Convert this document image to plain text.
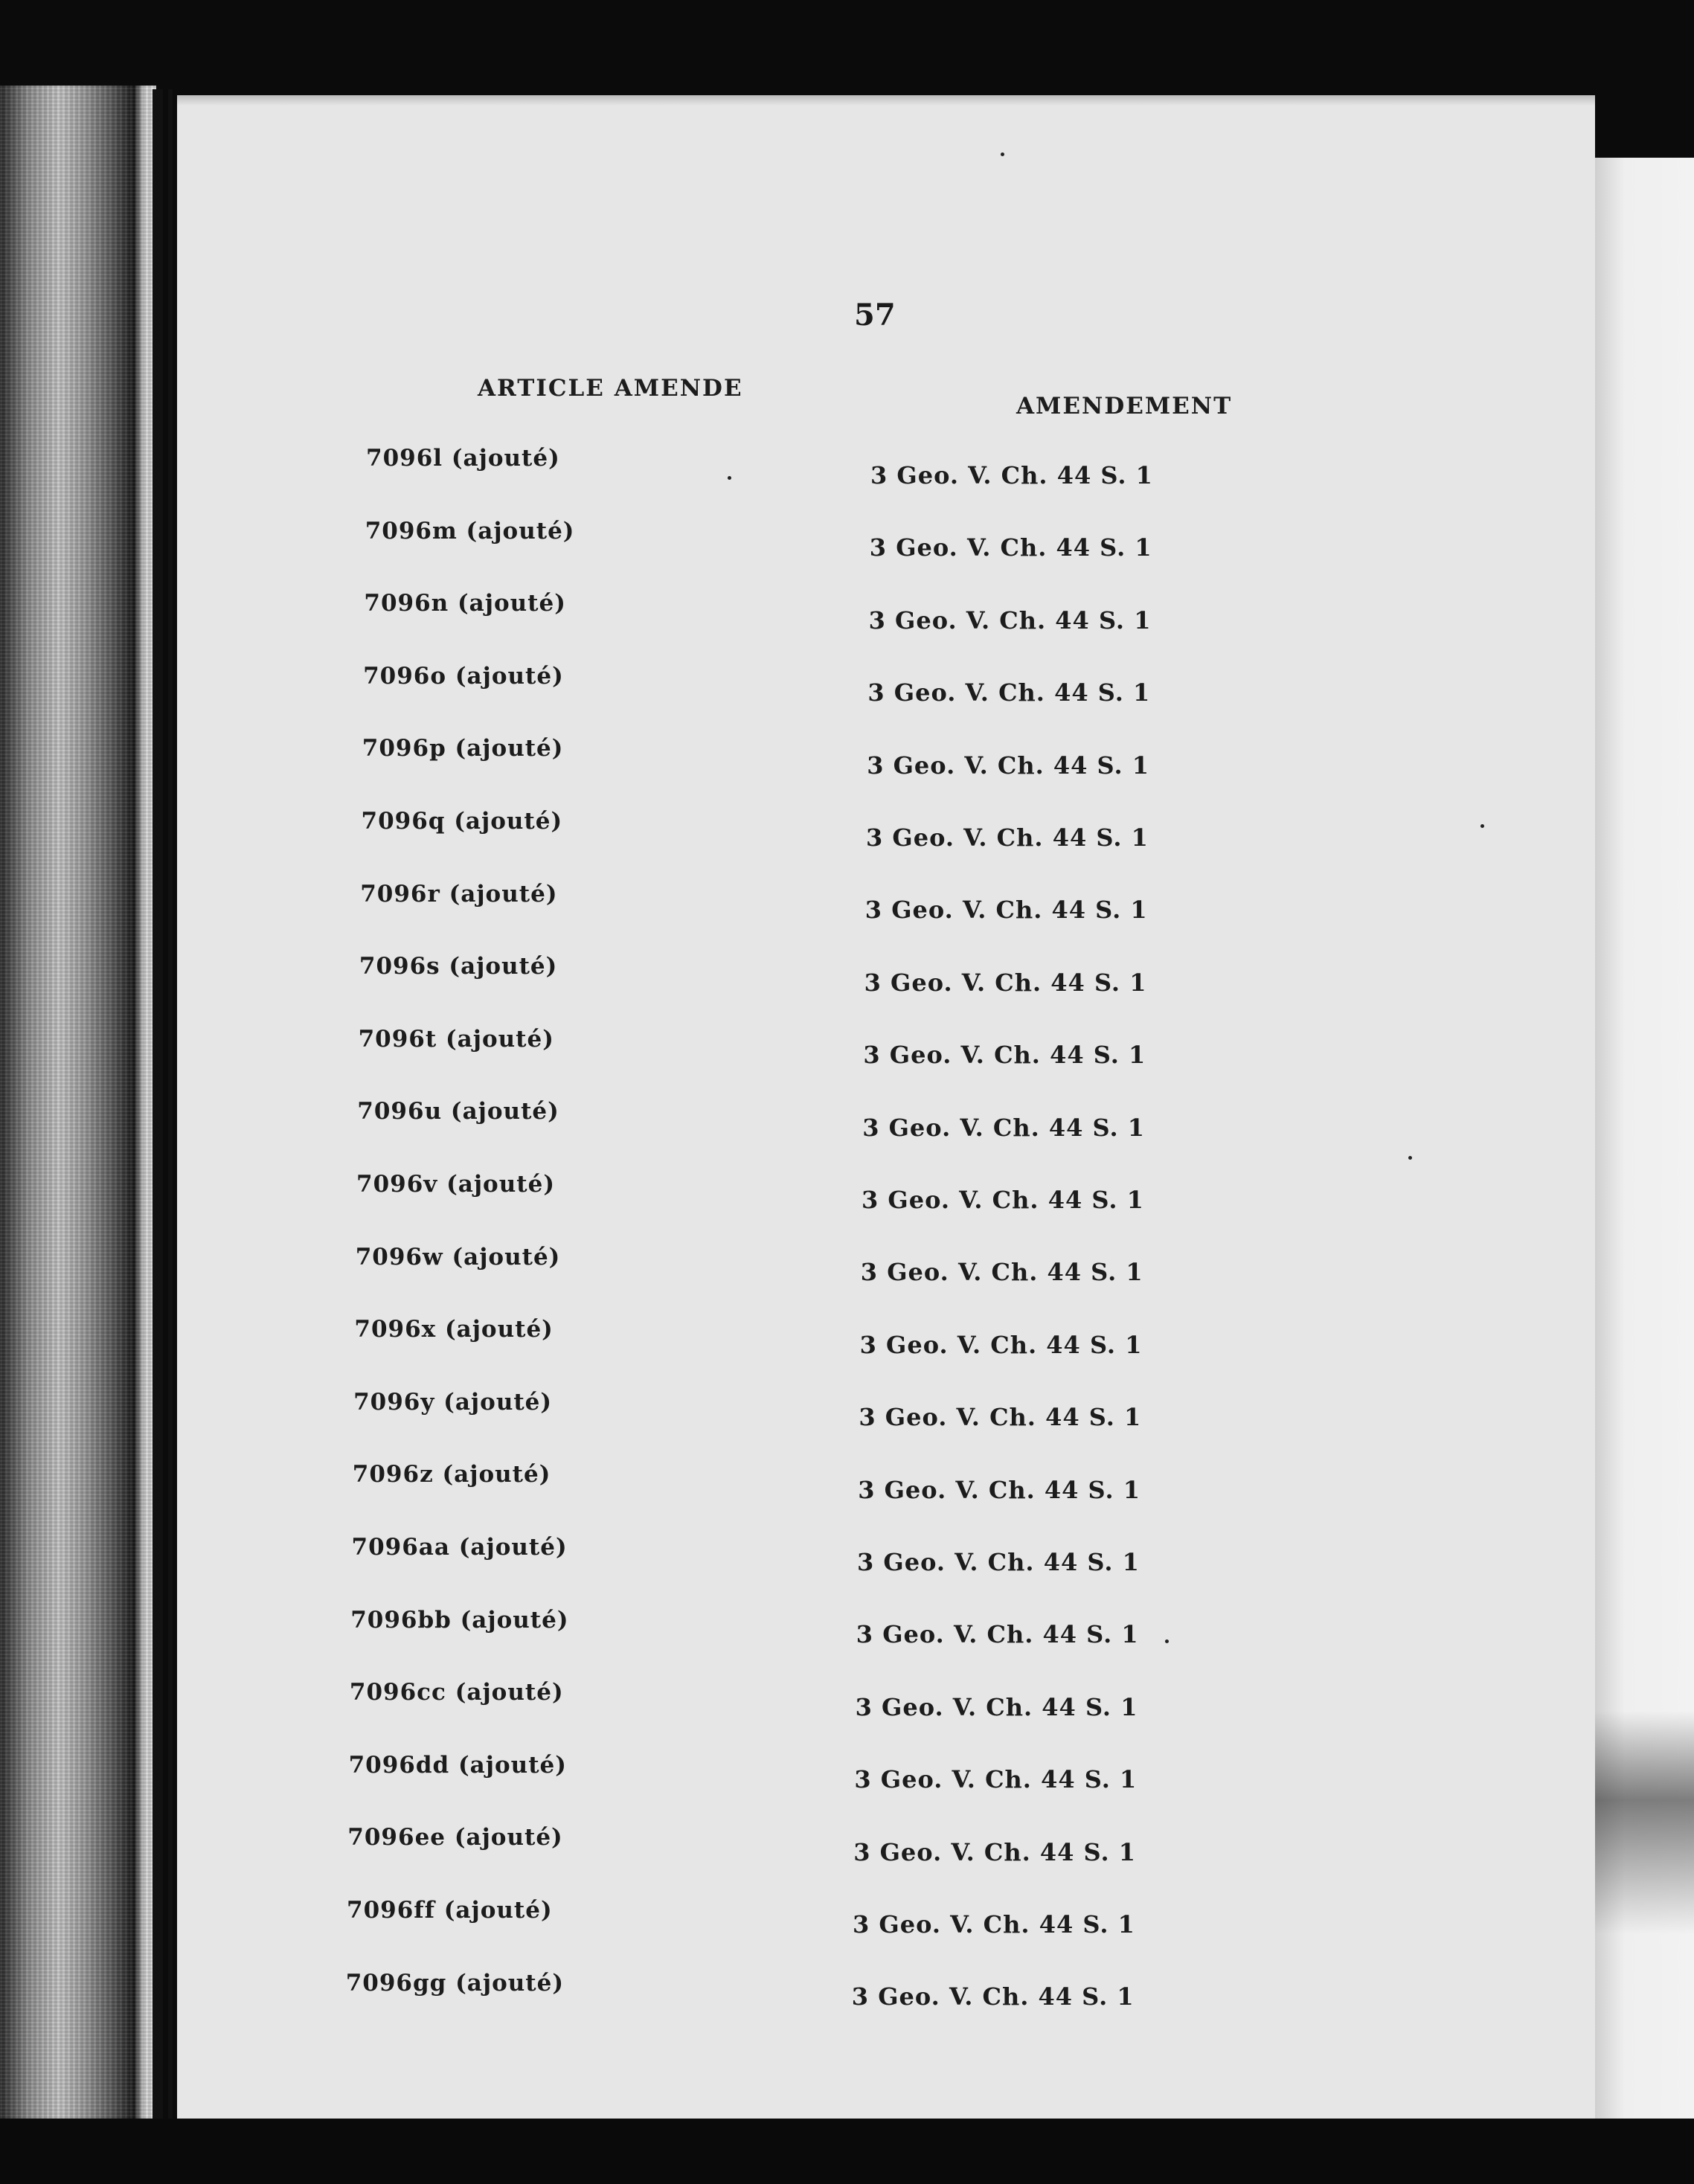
57
ARTICLE AMENDE
AMENDEMENT
7096l (ajouté)
3 Geo. V. Ch. 44 S. 1
7096m (ajouté)
3 Geo. V. Ch. 44 S. 1
7096n (ajouté)
3 Geo. V. Ch. 44 S. 1
7096o (ajouté)
3 Geo. V. Ch. 44 S. 1
7096p (ajouté)
3 Geo. V. Ch. 44 S. 1
7096q (ajouté)
3 Geo. V. Ch. 44 S. 1
7096r (ajouté)
3 Geo. V. Ch. 44 S. 1
7096s (ajouté)
3 Geo. V. Ch. 44 S. 1
7096t (ajouté)
3 Geo. V. Ch. 44 S. 1
7096u (ajouté)
3 Geo. V. Ch. 44 S. 1
7096v (ajouté)
3 Geo. V. Ch. 44 S. 1
7096w (ajouté)
3 Geo. V. Ch. 44 S. 1
7096x (ajouté)
3 Geo. V. Ch. 44 S. 1
7096y (ajouté)
3 Geo. V. Ch. 44 S. 1
7096z (ajouté)
3 Geo. V. Ch. 44 S. 1
7096aa (ajouté)
3 Geo. V. Ch. 44 S. 1
7096bb (ajouté)
3 Geo. V. Ch. 44 S. 1
7096cc (ajouté)
3 Geo. V. Ch. 44 S. 1
7096dd (ajouté)
3 Geo. V. Ch. 44 S. 1
7096ee (ajouté)
3 Geo. V. Ch. 44 S. 1
7096ff (ajouté)	3 Geo. V. Ch. 44 S. 1
7096gg (ajouté)	3 Geo. V. Ch. 44 S. 1
